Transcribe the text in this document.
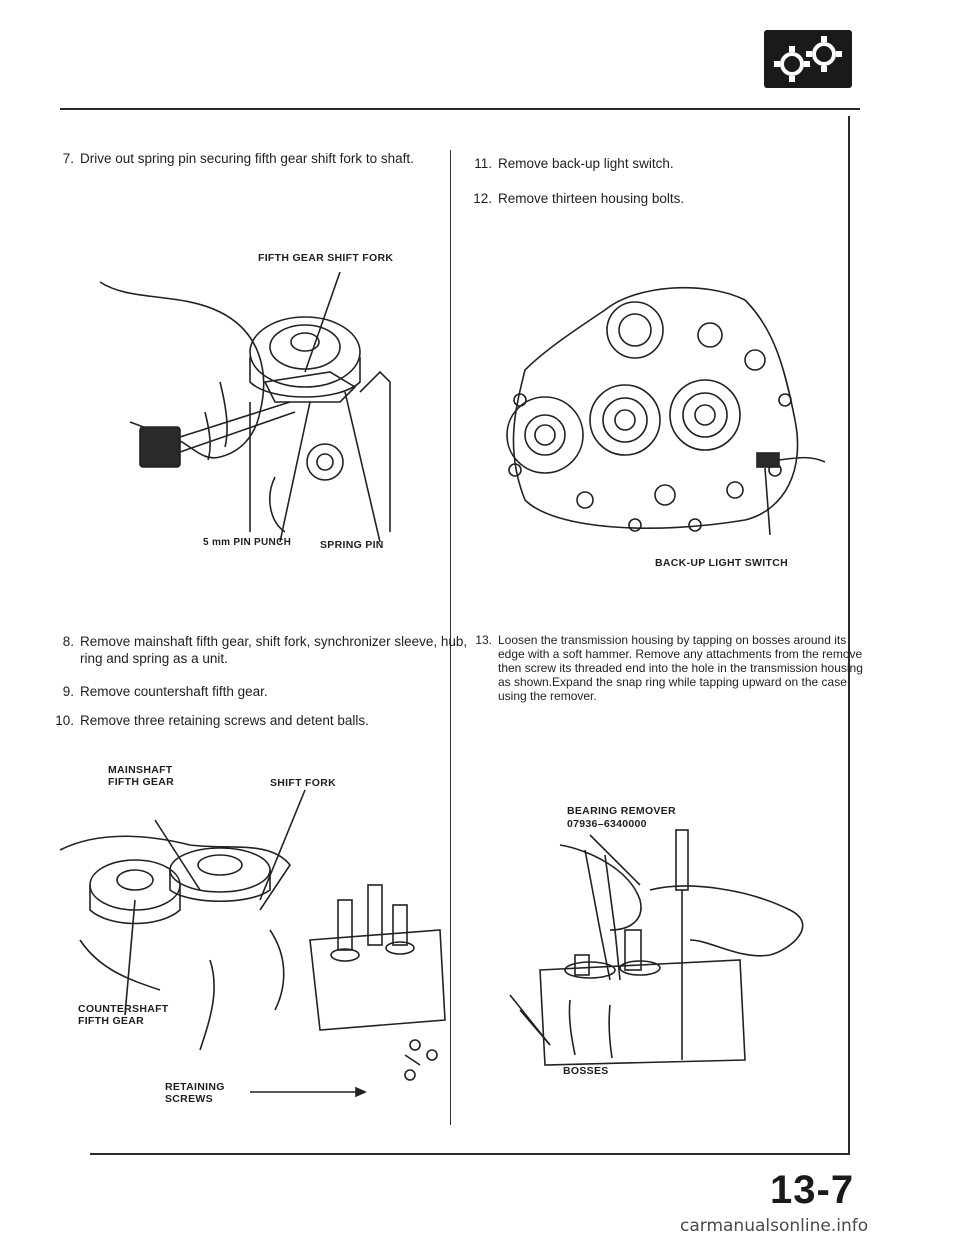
7. Drive out spring pin securing fifth gear shift fork to shaft.
FIFTH GEAR SHIFT FORK
5 mm PIN PUNCH	SPRING PIN
8. Remove mainshaft fifth gear, shift fork, synchronizer sleeve, hub, ring and spring as a unit.
9. Remove countershaft fifth gear.
10. Remove three retaining screws and detent balls.
MAINSHAFT
FIFTH GEAR	SHIFT FORK
COUNTERSHAFT
FIFTH GEAR
RETAINING
SCREWS
11. Remove back-up light switch.
12. Remove thirteen housing bolts.
BACK-UP LIGHT SWITCH
13. Loosen the transmission housing by tapping on bosses around its edge with a soft hammer. Remove any attachments from the remove then screw its threaded end into the hole in the transmission housing as shown.Expand the snap ring while tapping upward on the case using the remover.
BEARING REMOVER
07936–6340000
BOSSES
13-7
carmanualsonline.info
